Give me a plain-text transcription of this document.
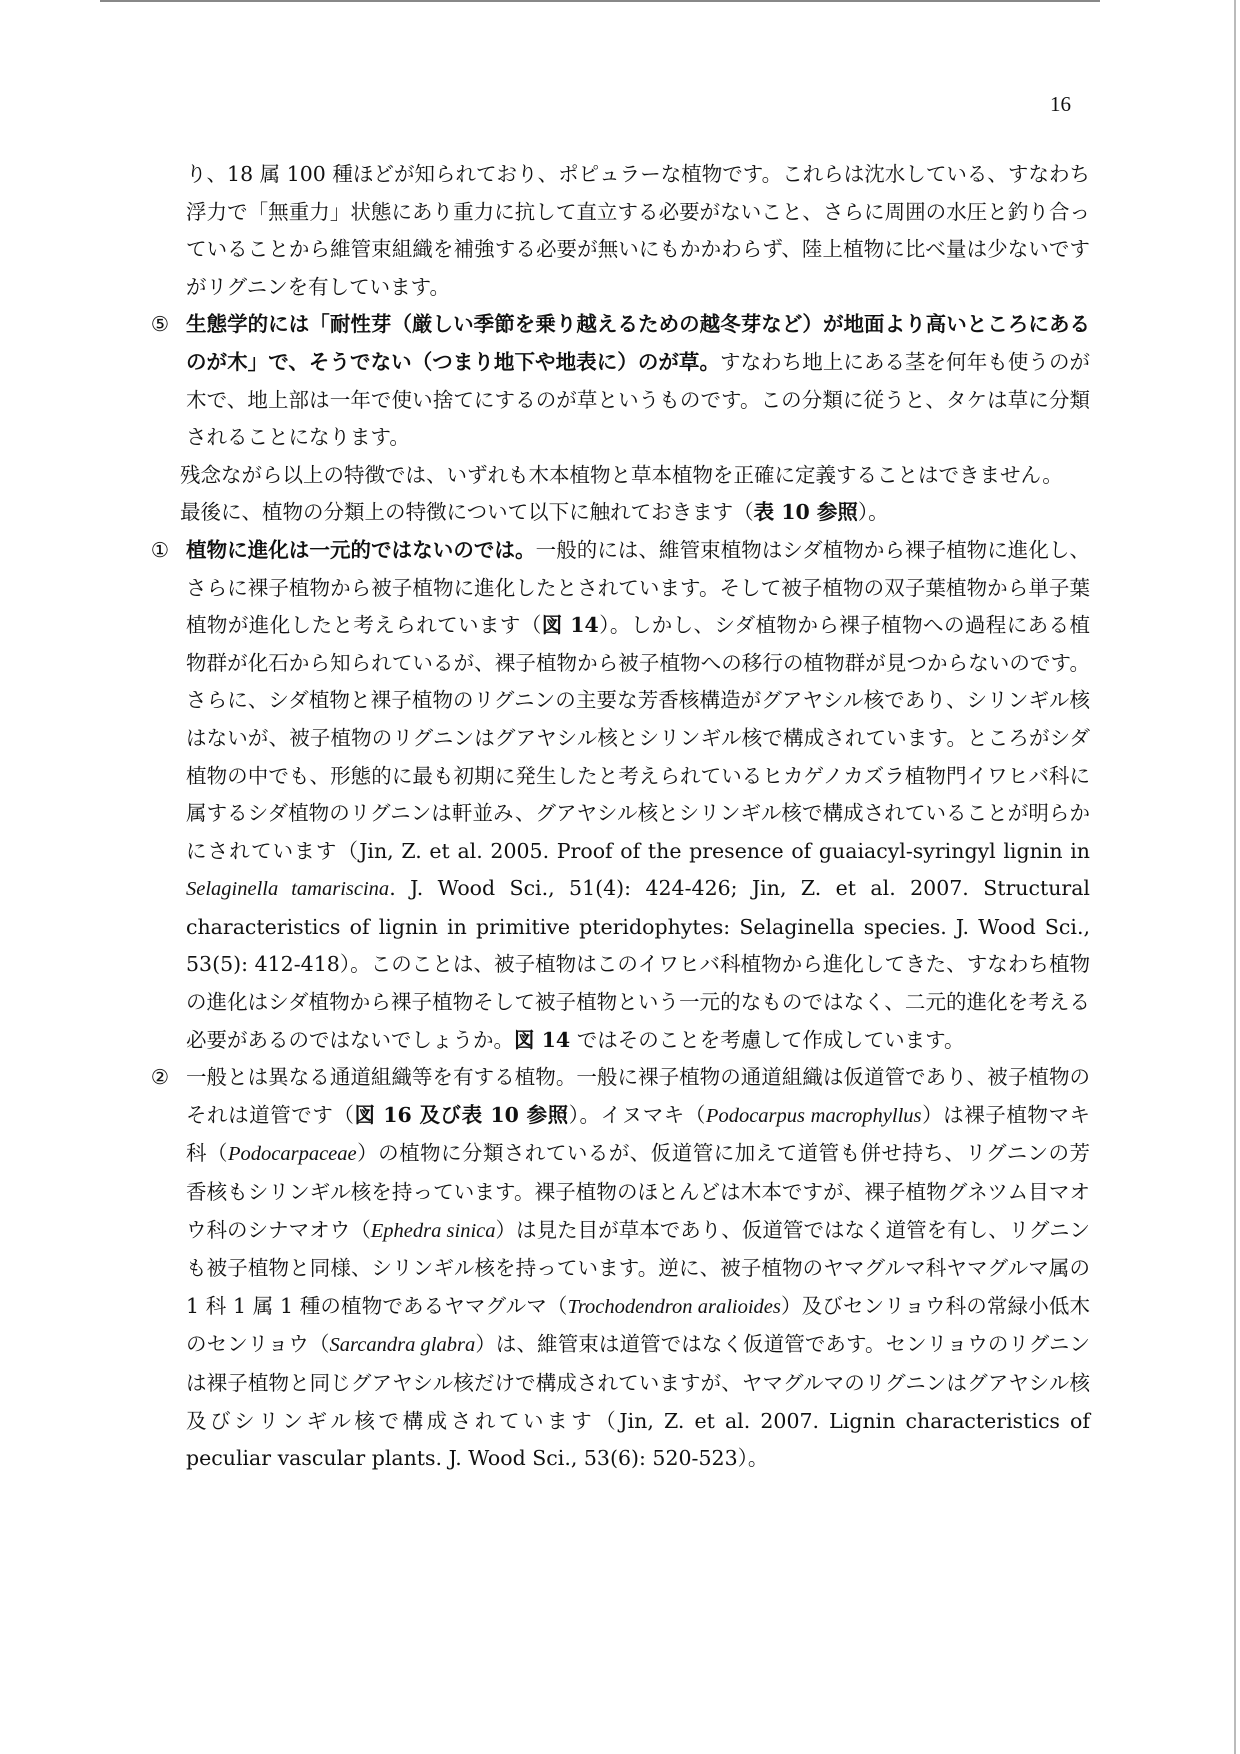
16

り、18 属 100 種ほどが知られており、ポピュラーな植物です。これらは沈水している、すなわち浮力で「無重力」状態にあり重力に抗して直立する必要がないこと、さらに周囲の水圧と釣り合っていることから維管束組織を補強する必要が無いにもかかわらず、陸上植物に比べ量は少ないですがリグニンを有しています。

⑤ 生態学的には「耐性芽（厳しい季節を乗り越えるための越冬芽など）が地面より高いところにあるのが木」で、そうでない（つまり地下や地表に）のが草。すなわち地上にある茎を何年も使うのが木で、地上部は一年で使い捨てにするのが草というものです。この分類に従うと、タケは草に分類されることになります。

残念ながら以上の特徴では、いずれも木本植物と草本植物を正確に定義することはできません。

最後に、植物の分類上の特徴について以下に触れておきます（表 10 参照）。

① 植物に進化は一元的ではないのでは。一般的には、維管束植物はシダ植物から裸子植物に進化し、さらに裸子植物から被子植物に進化したとされています。そして被子植物の双子葉植物から単子葉植物が進化したと考えられています（図 14）。しかし、シダ植物から裸子植物への過程にある植物群が化石から知られているが、裸子植物から被子植物への移行の植物群が見つからないのです。さらに、シダ植物と裸子植物のリグニンの主要な芳香核構造がグアヤシル核であり、シリンギル核はないが、被子植物のリグニンはグアヤシル核とシリンギル核で構成されています。ところがシダ植物の中でも、形態的に最も初期に発生したと考えられているヒカゲノカズラ植物門イワヒバ科に属するシダ植物のリグニンは軒並み、グアヤシル核とシリンギル核で構成されていることが明らかにされています（Jin, Z. et al. 2005. Proof of the presence of guaiacyl-syringyl lignin in Selaginella tamariscina. J. Wood Sci., 51(4): 424-426; Jin, Z. et al. 2007. Structural characteristics of lignin in primitive pteridophytes: Selaginella species. J. Wood Sci., 53(5): 412-418）。このことは、被子植物はこのイワヒバ科植物から進化してきた、すなわち植物の進化はシダ植物から裸子植物そして被子植物という一元的なものではなく、二元的進化を考える必要があるのではないでしょうか。図 14 ではそのことを考慮して作成しています。

② 一般とは異なる通道組織等を有する植物。一般に裸子植物の通道組織は仮道管であり、被子植物のそれは道管です（図 16 及び表 10 参照）。イヌマキ（Podocarpus macrophyllus）は裸子植物マキ科（Podocarpaceae）の植物に分類されているが、仮道管に加えて道管も併せ持ち、リグニンの芳香核もシリンギル核を持っています。裸子植物のほとんどは木本ですが、裸子植物グネツム目マオウ科のシナマオウ（Ephedra sinica）は見た目が草本であり、仮道管ではなく道管を有し、リグニンも被子植物と同様、シリンギル核を持っています。逆に、被子植物のヤマグルマ科ヤマグルマ属の 1 科 1 属 1 種の植物であるヤマグルマ（Trochodendron aralioides）及びセンリョウ科の常緑小低木のセンリョウ（Sarcandra glabra）は、維管束は道管ではなく仮道管であす。センリョウのリグニンは裸子植物と同じグアヤシル核だけで構成されていますが、ヤマグルマのリグニンはグアヤシル核及びシリンギル核で構成されています（Jin, Z. et al. 2007. Lignin characteristics of peculiar vascular plants. J. Wood Sci., 53(6): 520-523）。
